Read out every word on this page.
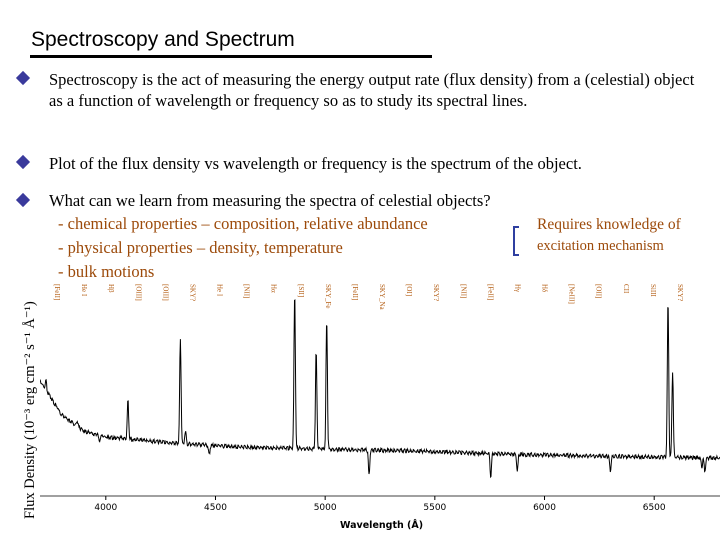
Spectroscopy and Spectrum
Spectroscopy is the act of measuring the energy output rate (flux density) from a (celestial) object as a function of wavelength or frequency so as to study its spectral lines.
Plot of the flux density vs wavelength or frequency is the spectrum of the object.
What can we learn from measuring the spectra of celestial objects?
- chemical properties – composition, relative abundance
- physical properties – density, temperature
- bulk motions
Requires knowledge of
excitation mechanism
Flux Density (10⁻³ erg cm⁻² s⁻¹ Å⁻¹)
[FeII]	He I	Hβ	[OIII]	[OIII]	SKY?	He I	[NII]	Hα	[SII]	SKY_Fe	[FeII]	SKY_Na	[OI]	SKY?	[NII]	[FeII]	Hγ	Hδ	[NeIII]	[OII]	CII	SiIII	SKY?
4000	4500	5000	5500	6000	6500
Wavelength (Å)
